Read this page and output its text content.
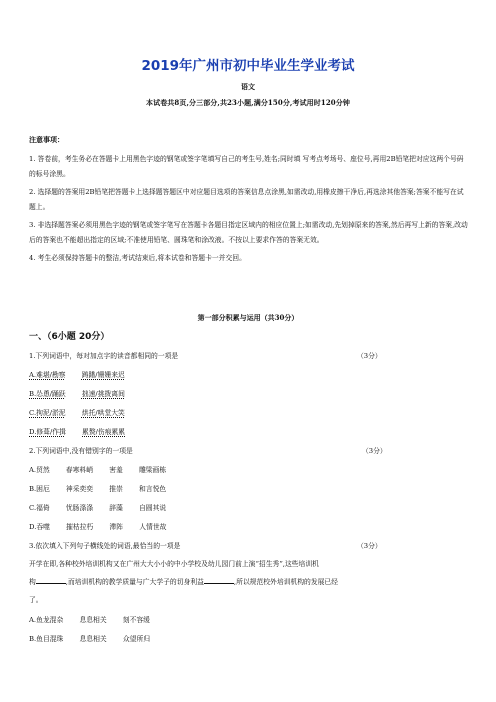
2019年广州市初中毕业生学业考试
语文
本试卷共8页,分三部分,共23小题,满分150分,考试用时120分钟
注意事项：

1. 答卷前，考生务必在答题卡上用黑色字迹的钢笔或签字笔填写自己的考生号,姓名;同时填 写考点考场号、座位号,再用2B铅笔把对应这两个号码的标号涂黑。

2. 选择题的答案用2B铅笔把答题卡上选择题答题区中对应题目选项的答案信息点涂黑,如需改动,用橡皮擦干净后,再选涂其他答案;答案不能写在试题上。

3. 非选择题答案必须用黑色字迹的钢笔或签字笔写在答题卡各题目指定区域内的相应位置上;如需改动,先划掉原来的答案,然后再写上新的答案,改动后的答案也不能超出指定的区域;不准使用铅笔、圆珠笔和涂改液。不按以上要求作答的答案无效。

4. 考生必须保持答题卡的整洁,考试结束后,将本试卷和答题卡一并交回。

第一部分积累与运用（共30分）
一、（6小题 20分）
1.下列词语中，每对加点字的读音都相同的一项是	（3分）
A.难堪/勘察 踌躇/姗姗来迟
B.怂恿/踊跃 拙速/挑拨离间
C.拘泥/淤泥 烘托/哄堂大笑
D.修葺/作揖 累赘/伤痕累累
2.下列词语中,没有错别字的一项是	（3分）
A.贸然 春寒料峭 害羞 雕梁画栋
B.困厄 神采奕奕 推崇 和言悦色
C.福倚 忧肠涤涤 辞藻 自圆其说
D.吞噬 摧枯拉朽 滞阵 人情世故
3.依次填入下列句子横线处的词语,最恰当的一项是	（3分）
开学在即,各种校外培训机构又在广州大大小小的中小学校及幼儿园门前上演“招生秀”,这些培训机
构	,而培训机构的教学质量与广大学子的切身利益	,所以规范校外培训机构的发展已经
了。
A.鱼龙混杂 息息相关 刻不容缓
B.鱼目混珠 息息相关 众望所归
